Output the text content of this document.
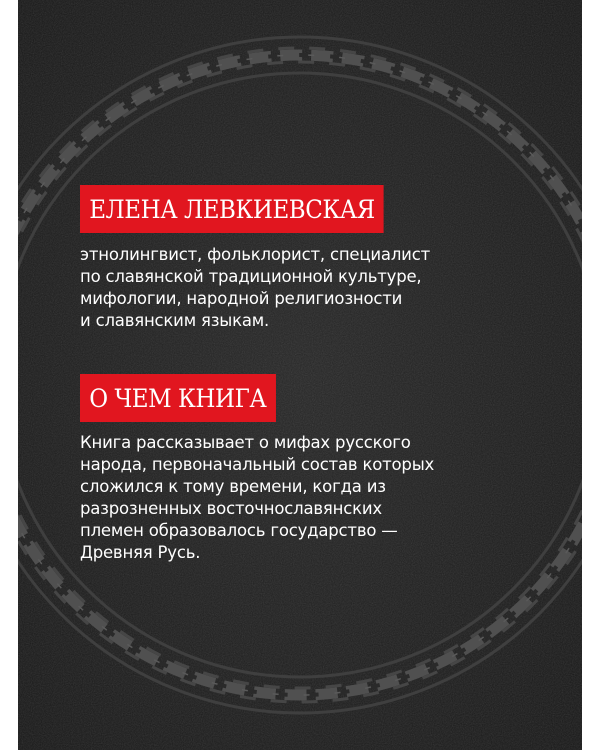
ЕЛЕНА ЛЕВКИЕВСКАЯ
этнолингвист, фольклорист, специалист
по славянской традиционной культуре,
мифологии, народной религиозности
и славянским языкам.
О ЧЕМ КНИГА
Книга рассказывает о мифах русского
народа, первоначальный состав которых
сложился к тому времени, когда из
разрозненных восточнославянских
племен образовалось государство —
Древняя Русь.
